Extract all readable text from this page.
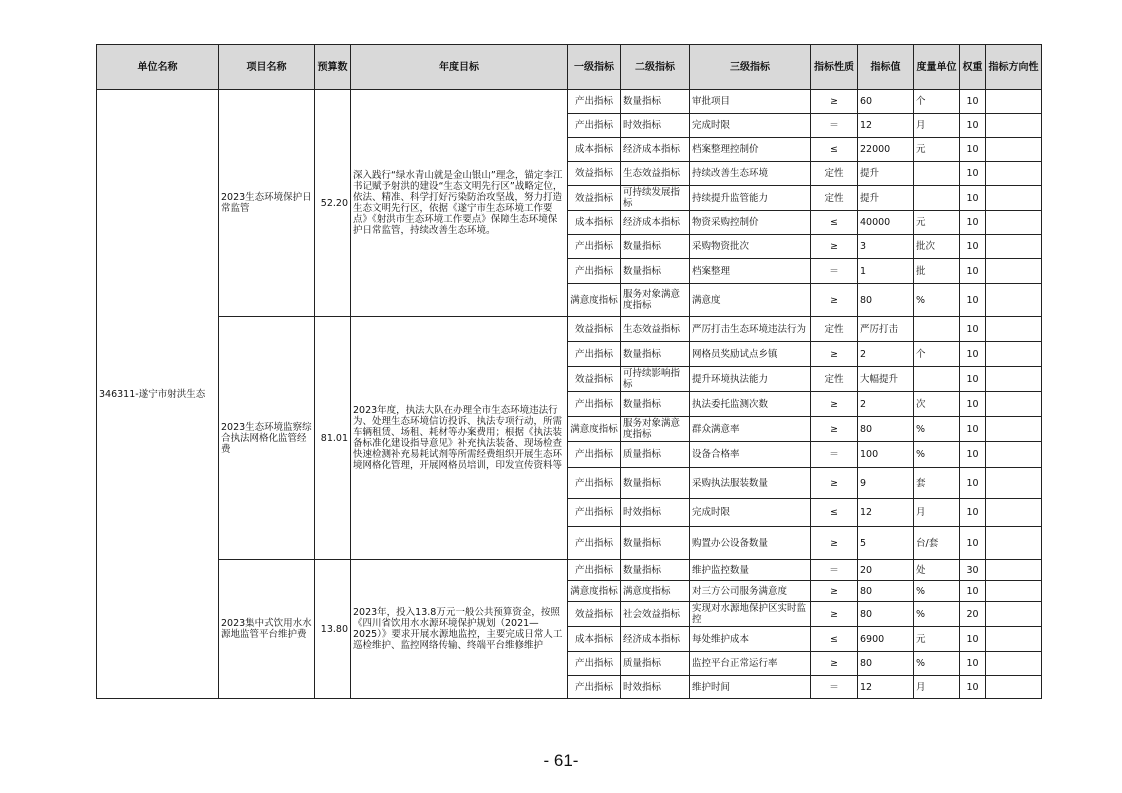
单位名称	项目名称	预算数	年度目标	一级指标	二级指标	三级指标	指标性质	指标值	度量单位	权重	指标方向性
346311-遂宁市射洪生态	2023生态环境保护日常监管	52.20	深入践行“绿水青山就是金山银山”理念，锚定李江书记赋予射洪的建设“生态文明先行区”战略定位，依法、精准、科学打好污染防治攻坚战，努力打造生态文明先行区，依据《遂宁市生态环境工作要点》《射洪市生态环境工作要点》保障生态环境保护日常监管，持续改善生态环境。	产出指标	数量指标	审批项目	≥	60	个	10	
				产出指标	时效指标	完成时限	＝	12	月	10	
				成本指标	经济成本指标	档案整理控制价	≤	22000	元	10	
				效益指标	生态效益指标	持续改善生态环境	定性	提升		10	
				效益指标	可持续发展指标	持续提升监管能力	定性	提升		10	
				成本指标	经济成本指标	物资采购控制价	≤	40000	元	10	
				产出指标	数量指标	采购物资批次	≥	3	批次	10	
				产出指标	数量指标	档案整理	＝	1	批	10	
				满意度指标	服务对象满意度指标	满意度	≥	80	%	10	
	2023生态环境监察综合执法网格化监管经费	81.01	2023年度，执法大队在办理全市生态环境违法行为、处理生态环境信访投诉、执法专项行动，所需车辆租赁、场租、耗材等办案费用；根据《执法装备标准化建设指导意见》补充执法装备、现场检查快速检测补充易耗试剂等所需经费组织开展生态环境网格化管理，开展网格员培训，印发宣传资料等	效益指标	生态效益指标	严厉打击生态环境违法行为	定性	严厉打击		10	
				产出指标	数量指标	网格员奖励试点乡镇	≥	2	个	10	
				效益指标	可持续影响指标	提升环境执法能力	定性	大幅提升		10	
				产出指标	数量指标	执法委托监测次数	≥	2	次	10	
				满意度指标	服务对象满意度指标	群众满意率	≥	80	%	10	
				产出指标	质量指标	设备合格率	＝	100	%	10	
				产出指标	数量指标	采购执法服装数量	≥	9	套	10	
				产出指标	时效指标	完成时限	≤	12	月	10	
				产出指标	数量指标	购置办公设备数量	≥	5	台/套	10	
	2023集中式饮用水水源地监管平台维护费	13.80	2023年，投入13.8万元一般公共预算资金，按照《四川省饮用水水源环境保护规划（2021—2025）》要求开展水源地监控，主要完成日常人工巡检维护、监控网络传输、终端平台维修维护	产出指标	数量指标	维护监控数量	＝	20	处	30	
				满意度指标	满意度指标	对三方公司服务满意度	≥	80	%	10	
				效益指标	社会效益指标	实现对水源地保护区实时监控	≥	80	%	20	
				成本指标	经济成本指标	每处维护成本	≤	6900	元	10	
				产出指标	质量指标	监控平台正常运行率	≥	80	%	10	
				产出指标	时效指标	维护时间	＝	12	月	10	
- 61-
